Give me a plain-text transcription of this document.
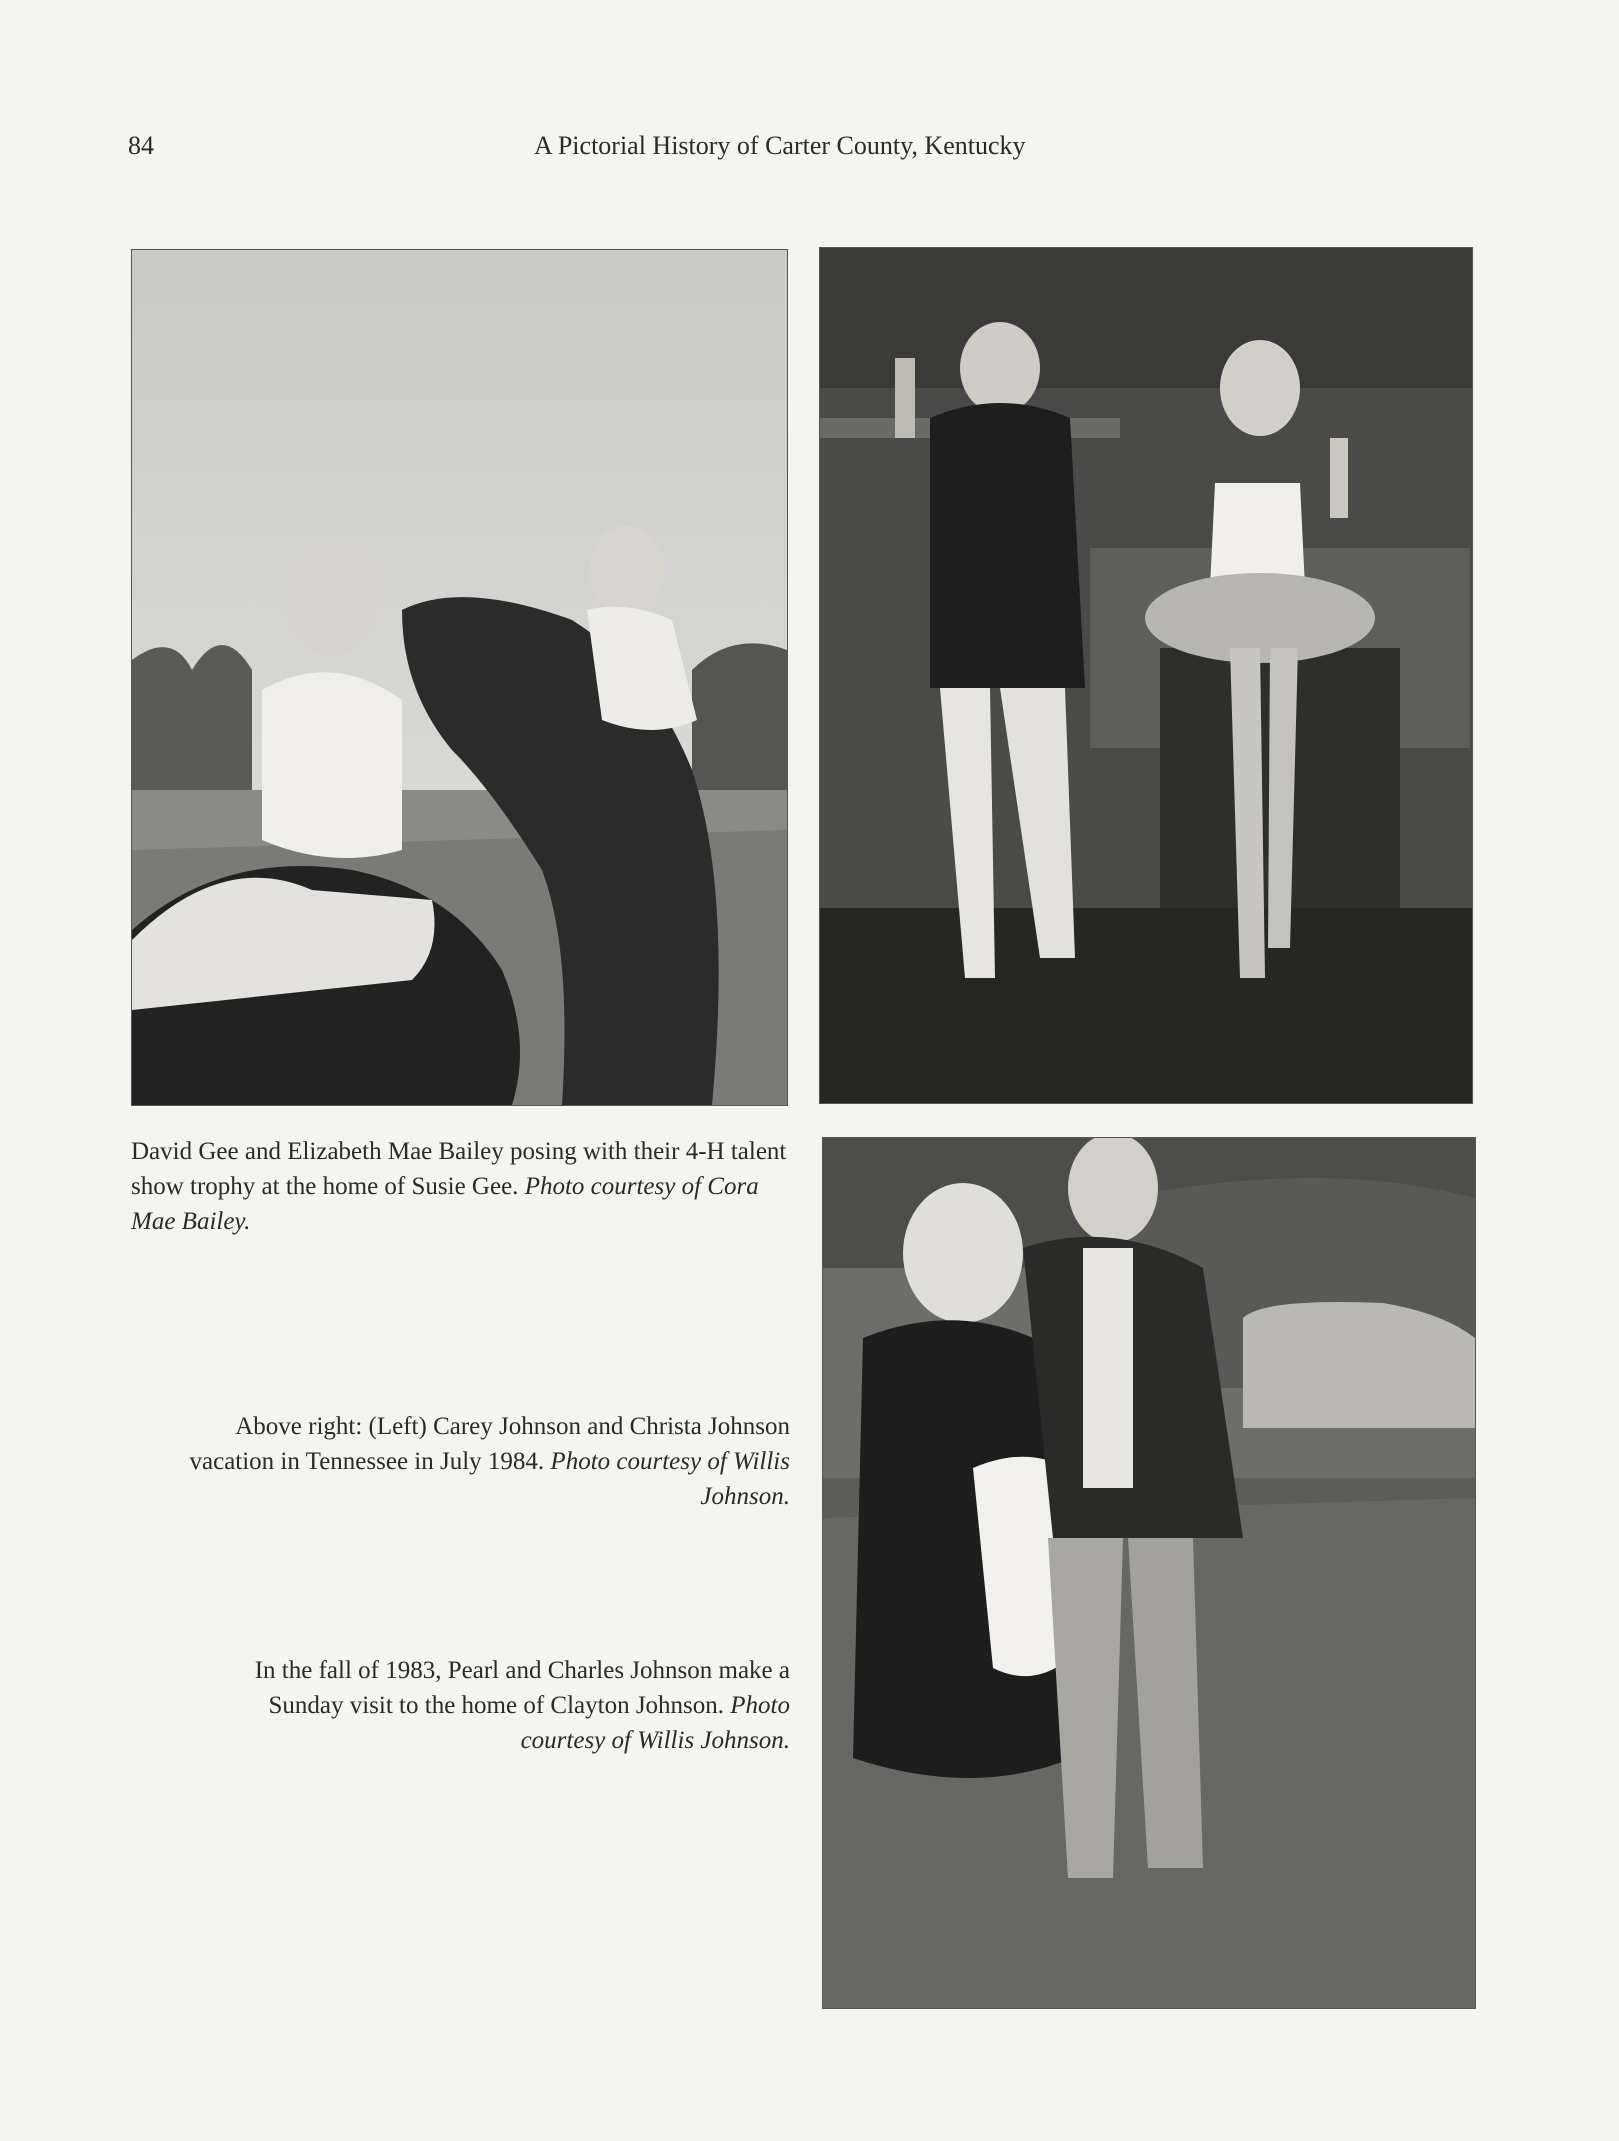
84	A Pictorial History of Carter County, Kentucky
David Gee and Elizabeth Mae Bailey posing with their 4-H talent show trophy at the home of Susie Gee. Photo courtesy of Cora Mae Bailey.
Above right: (Left) Carey Johnson and Christa Johnson vacation in Tennessee in July 1984. Photo courtesy of Willis Johnson.
In the fall of 1983, Pearl and Charles Johnson make a Sunday visit to the home of Clayton Johnson. Photo courtesy of Willis Johnson.
